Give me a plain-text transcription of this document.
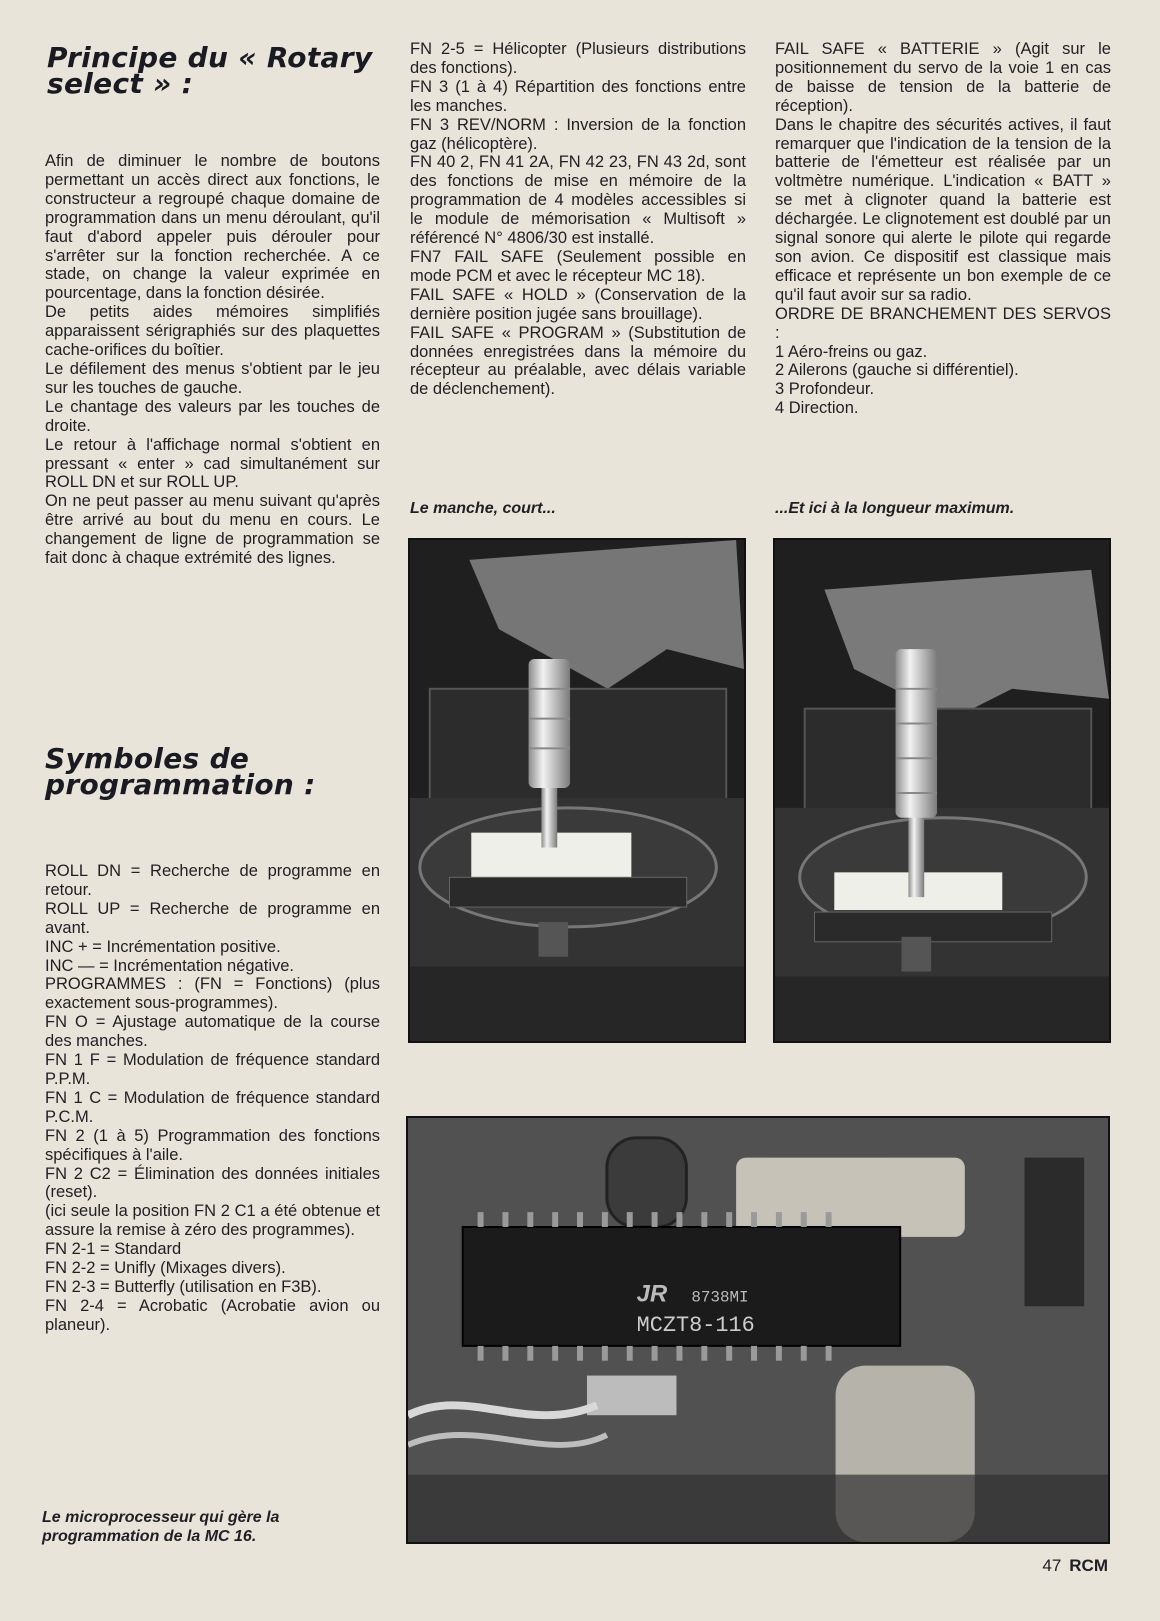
Principe du « Rotary select » :

Afin de diminuer le nombre de boutons permettant un accès direct aux fonctions, le constructeur a regroupé chaque domaine de programmation dans un menu déroulant, qu'il faut d'abord appeler puis dérouler pour s'arrêter sur la fonction recherchée. A ce stade, on change la valeur exprimée en pourcentage, dans la fonction désirée.

De petits aides mémoires simplifiés apparaissent sérigraphiés sur des plaquettes cache-orifices du boîtier.

Le défilement des menus s'obtient par le jeu sur les touches de gauche.

Le chantage des valeurs par les touches de droite.

Le retour à l'affichage normal s'obtient en pressant « enter » cad simultanément sur ROLL DN et sur ROLL UP.

On ne peut passer au menu suivant qu'après être arrivé au bout du menu en cours. Le changement de ligne de programmation se fait donc à chaque extrémité des lignes.

Symboles de programmation :

ROLL DN = Recherche de programme en retour.

ROLL UP = Recherche de programme en avant.

INC + = Incrémentation positive.

INC — = Incrémentation négative.

PROGRAMMES : (FN = Fonctions) (plus exactement sous-programmes).

FN O = Ajustage automatique de la course des manches.

FN 1 F = Modulation de fréquence standard P.P.M.

FN 1 C = Modulation de fréquence standard P.C.M.

FN 2 (1 à 5) Programmation des fonctions spécifiques à l'aile.

FN 2 C2 = Élimination des données initiales (reset).

(ici seule la position FN 2 C1 a été obtenue et assure la remise à zéro des programmes).

FN 2-1 = Standard

FN 2-2 = Unifly (Mixages divers).

FN 2-3 = Butterfly (utilisation en F3B).

FN 2-4 = Acrobatic (Acrobatie avion ou planeur).

FN 2-5 = Hélicopter (Plusieurs distributions des fonctions).

FN 3 (1 à 4) Répartition des fonctions entre les manches.

FN 3 REV/NORM : Inversion de la fonction gaz (hélicoptère).

FN 40 2, FN 41 2A, FN 42 23, FN 43 2d, sont des fonctions de mise en mémoire de la programmation de 4 modèles accessibles si le module de mémorisation « Multisoft » référencé N° 4806/30 est installé.

FN7 FAIL SAFE (Seulement possible en mode PCM et avec le récepteur MC 18).

FAIL SAFE « HOLD » (Conservation de la dernière position jugée sans brouillage).

FAIL SAFE « PROGRAM » (Substitution de données enregistrées dans la mémoire du récepteur au préalable, avec délais variable de déclenchement).

FAIL SAFE « BATTERIE » (Agit sur le positionnement du servo de la voie 1 en cas de baisse de tension de la batterie de réception).

Dans le chapitre des sécurités actives, il faut remarquer que l'indication de la tension de la batterie de l'émetteur est réalisée par un voltmètre numérique. L'indication « BATT » se met à clignoter quand la batterie est déchargée. Le clignotement est doublé par un signal sonore qui alerte le pilote qui regarde son avion. Ce dispositif est classique mais efficace et représente un bon exemple de ce qu'il faut avoir sur sa radio.

ORDRE DE BRANCHEMENT DES SERVOS :

1 Aéro-freins ou gaz.

2 Ailerons (gauche si différentiel).

3 Profondeur.

4 Direction.

Le manche, court...	...Et ici à la longueur maximum.

JR 8738MI
MCZT8-116

Le microprocesseur qui gère la programmation de la MC 16.

47 RCM
